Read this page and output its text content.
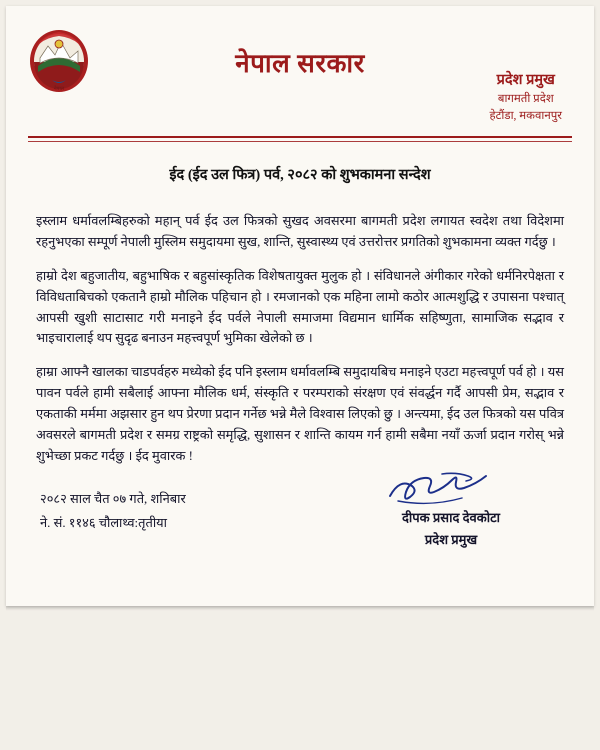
नेपाल
नेपाल सरकार
प्रदेश प्रमुख
बागमती प्रदेश
हेटौंडा, मकवानपुर
ईद (ईद उल फित्र) पर्व, २०८२ को शुभकामना सन्देश

इस्लाम धर्मावलम्बिहरुको महान् पर्व ईद उल फित्रको सुखद अवसरमा बागमती प्रदेश लगायत स्वदेश तथा विदेशमा रहनुभएका सम्पूर्ण नेपाली मुस्लिम समुदायमा सुख, शान्ति, सुस्वास्थ्य एवं उत्तरोत्तर प्रगतिको शुभकामना व्यक्त गर्दछु ।

हाम्रो देश बहुजातीय, बहुभाषिक र बहुसांस्कृतिक विशेषतायुक्त मुलुक हो । संविधानले अंगीकार गरेको धर्मनिरपेक्षता र विविधताबिचको एकतानै हाम्रो मौलिक पहिचान हो । रमजानको एक महिना लामो कठोर आत्मशुद्धि र उपासना पश्चात् आपसी खुशी साटासाट गरी मनाइने ईद पर्वले नेपाली समाजमा विद्यमान धार्मिक सहिष्णुता, सामाजिक सद्भाव र भाइचारालाई थप सुदृढ बनाउन महत्त्वपूर्ण भुमिका खेलेको छ ।

हाम्रा आफ्नै खालका चाडपर्वहरु मध्येको ईद पनि इस्लाम धर्मावलम्बि समुदायबिच मनाइने एउटा महत्त्वपूर्ण पर्व हो । यस पावन पर्वले हामी सबैलाई आफ्ना मौलिक धर्म, संस्कृति र परम्पराको संरक्षण एवं संवर्द्धन गर्दै आपसी प्रेम, सद्भाव र एकताकी मर्ममा अझसार हुन थप प्रेरणा प्रदान गर्नेछ भन्ने मैले विश्वास लिएको छु । अन्त्यमा, ईद उल फित्रको यस पवित्र अवसरले बागमती प्रदेश र समग्र राष्ट्रको समृद्धि, सुशासन र शान्ति कायम गर्न हामी सबैमा नयाँ ऊर्जा प्रदान गरोस् भन्ने शुभेच्छा प्रकट गर्दछु । ईद मुवारक !

२०८२ साल चैत ०७ गते, शनिबार
ने. सं. ११४६ चौेलाथ्व:तृतीया	दीपक प्रसाद देवकोटा
प्रदेश प्रमुख
